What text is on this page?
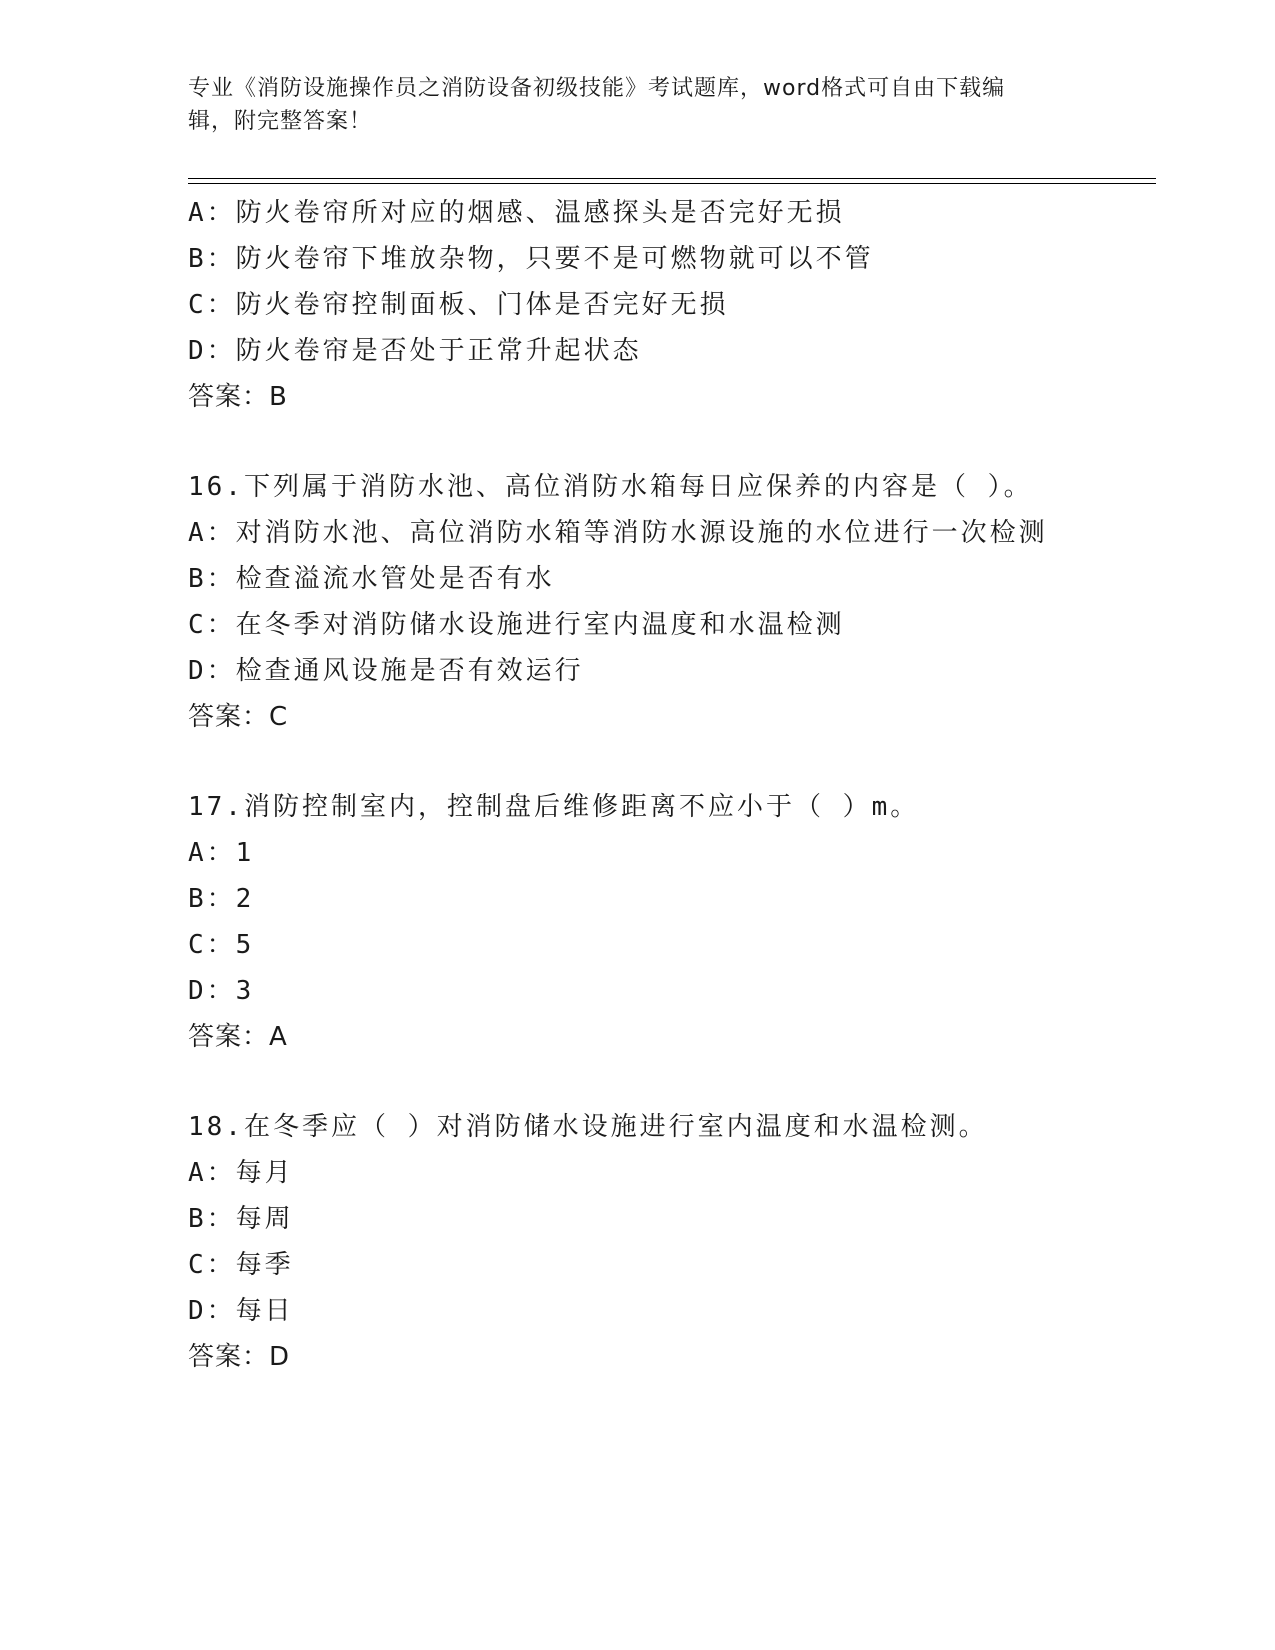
专业《消防设施操作员之消防设备初级技能》考试题库，word格式可自由下载编
辑，附完整答案！
A：防火卷帘所对应的烟感、温感探头是否完好无损
B：防火卷帘下堆放杂物，只要不是可燃物就可以不管
C：防火卷帘控制面板、门体是否完好无损
D：防火卷帘是否处于正常升起状态
答案：B
16.下列属于消防水池、高位消防水箱每日应保养的内容是（ ）。
A：对消防水池、高位消防水箱等消防水源设施的水位进行一次检测
B：检查溢流水管处是否有水
C：在冬季对消防储水设施进行室内温度和水温检测
D：检查通风设施是否有效运行
答案：C
17.消防控制室内，控制盘后维修距离不应小于（ ）m。
A：1
B：2
C：5
D：3
答案：A
18.在冬季应（ ）对消防储水设施进行室内温度和水温检测。
A：每月
B：每周
C：每季
D：每日
答案：D
